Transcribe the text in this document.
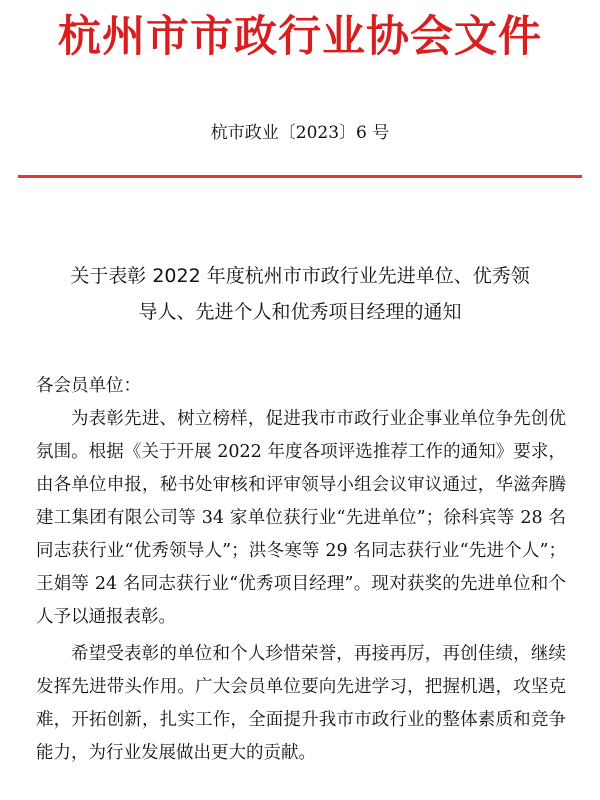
杭州市市政行业协会文件
杭市政业〔2023〕6 号
关于表彰 2022 年度杭州市市政行业先进单位、优秀领
导人、先进个人和优秀项目经理的通知

各会员单位：

为表彰先进、树立榜样，促进我市市政行业企事业单位争先创优氛围。根据《关于开展 2022 年度各项评选推荐工作的通知》要求，由各单位申报，秘书处审核和评审领导小组会议审议通过，华滋奔腾建工集团有限公司等 34 家单位获行业“先进单位”；徐科宾等 28 名同志获行业“优秀领导人”；洪冬寒等 29 名同志获行业“先进个人”；王娟等 24 名同志获行业“优秀项目经理”。现对获奖的先进单位和个人予以通报表彰。

希望受表彰的单位和个人珍惜荣誉，再接再厉，再创佳绩，继续发挥先进带头作用。广大会员单位要向先进学习，把握机遇，攻坚克难，开拓创新，扎实工作，全面提升我市市政行业的整体素质和竞争能力，为行业发展做出更大的贡献。
